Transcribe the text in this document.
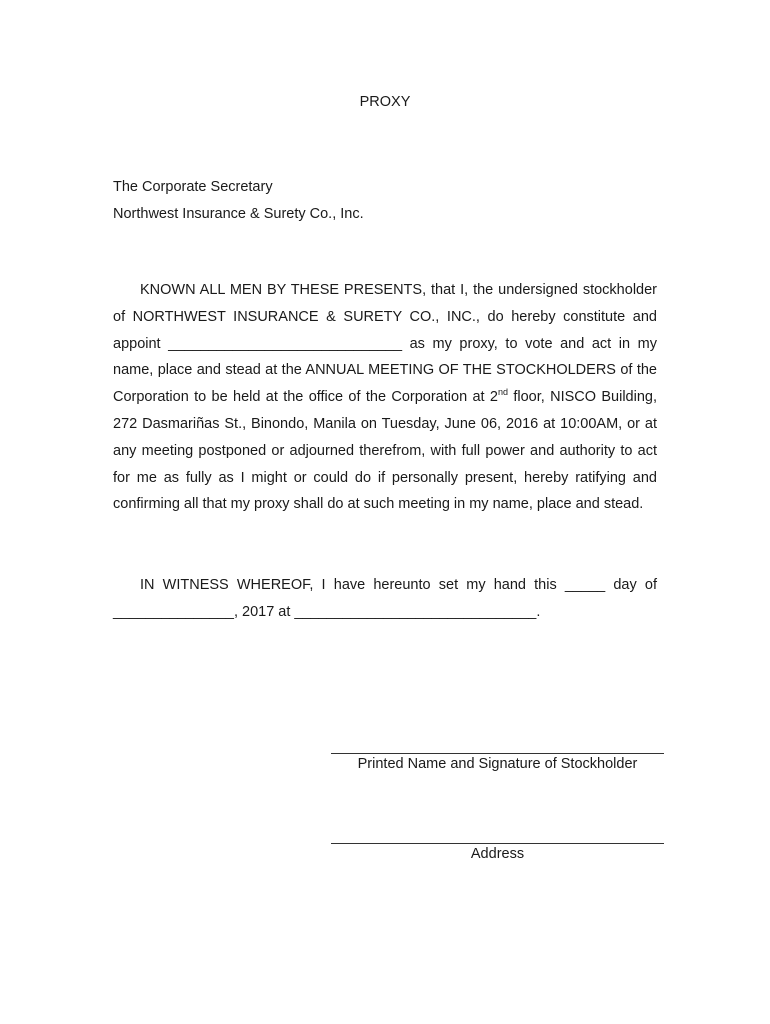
PROXY
The Corporate Secretary
Northwest Insurance & Surety Co., Inc.

KNOWN ALL MEN BY THESE PRESENTS, that I, the undersigned stockholder of NORTHWEST INSURANCE & SURETY CO., INC., do hereby constitute and appoint _____________________________ as my proxy, to vote and act in my name, place and stead at the ANNUAL MEETING OF THE STOCKHOLDERS of the Corporation to be held at the office of the Corporation at 2nd floor, NISCO Building, 272 Dasmariñas St., Binondo, Manila on Tuesday, June 06, 2016 at 10:00AM, or at any meeting postponed or adjourned therefrom, with full power and authority to act for me as fully as I might or could do if personally present, hereby ratifying and confirming all that my proxy shall do at such meeting in my name, place and stead.

IN WITNESS WHEREOF, I have hereunto set my hand this _____ day of _______________, 2017 at ______________________________.

Printed Name and Signature of Stockholder
Address
